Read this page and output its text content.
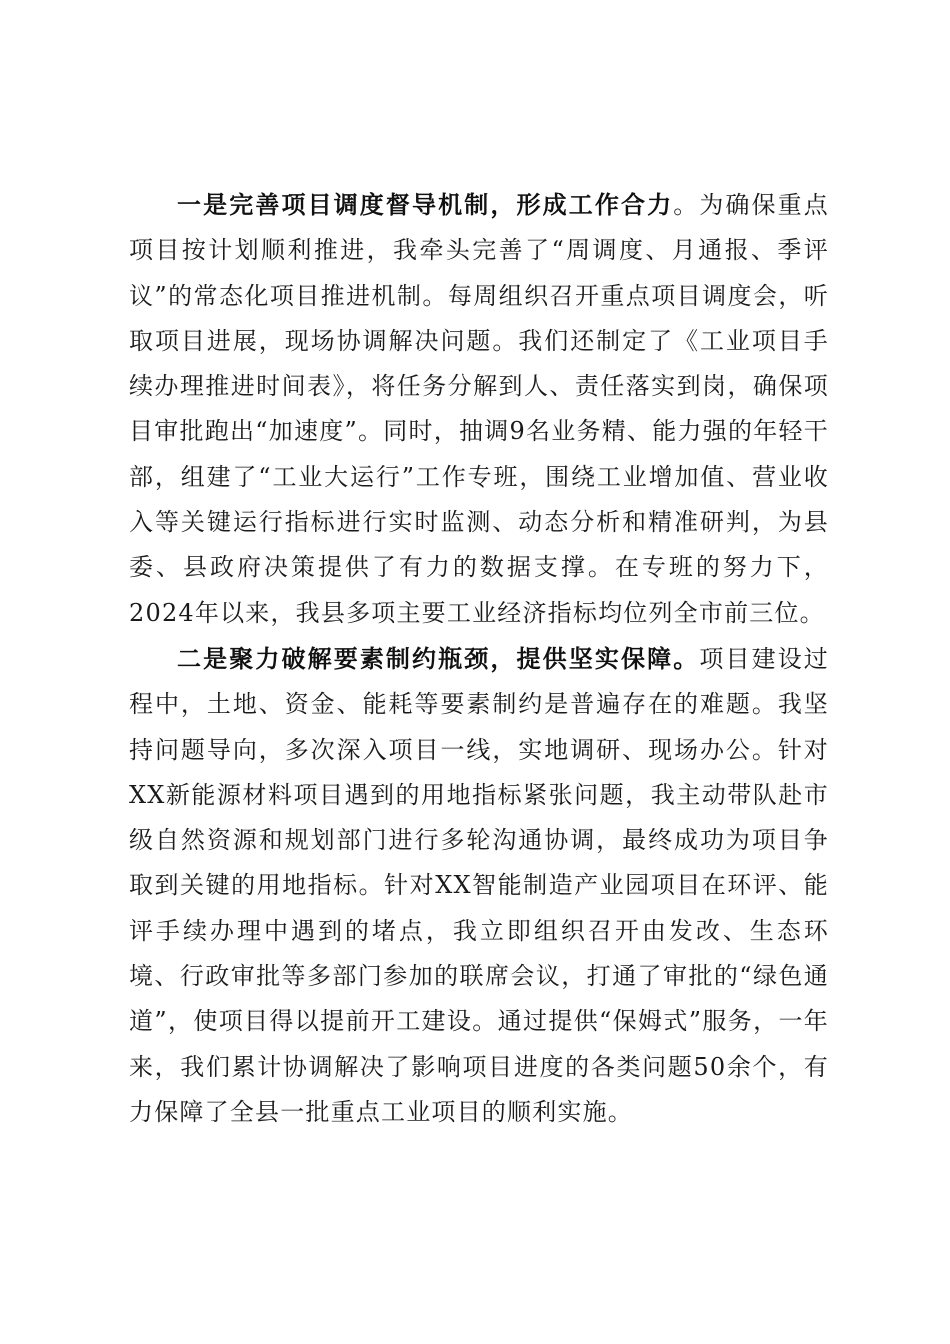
一是完善项目调度督导机制，形成工作合力。为确保重点项目按计划顺利推进，我牵头完善了“周调度、月通报、季评议”的常态化项目推进机制。每周组织召开重点项目调度会，听取项目进展，现场协调解决问题。我们还制定了《工业项目手续办理推进时间表》，将任务分解到人、责任落实到岗，确保项目审批跑出“加速度”。同时，抽调9名业务精、能力强的年轻干部，组建了“工业大运行”工作专班，围绕工业增加值、营业收入等关键运行指标进行实时监测、动态分析和精准研判，为县委、县政府决策提供了有力的数据支撑。在专班的努力下，2024年以来，我县多项主要工业经济指标均位列全市前三位。

二是聚力破解要素制约瓶颈，提供坚实保障。项目建设过程中，土地、资金、能耗等要素制约是普遍存在的难题。我坚持问题导向，多次深入项目一线，实地调研、现场办公。针对XX新能源材料项目遇到的用地指标紧张问题，我主动带队赴市级自然资源和规划部门进行多轮沟通协调，最终成功为项目争取到关键的用地指标。针对XX智能制造产业园项目在环评、能评手续办理中遇到的堵点，我立即组织召开由发改、生态环境、行政审批等多部门参加的联席会议，打通了审批的“绿色通道”，使项目得以提前开工建设。通过提供“保姆式”服务，一年来，我们累计协调解决了影响项目进度的各类问题50余个，有力保障了全县一批重点工业项目的顺利实施。
